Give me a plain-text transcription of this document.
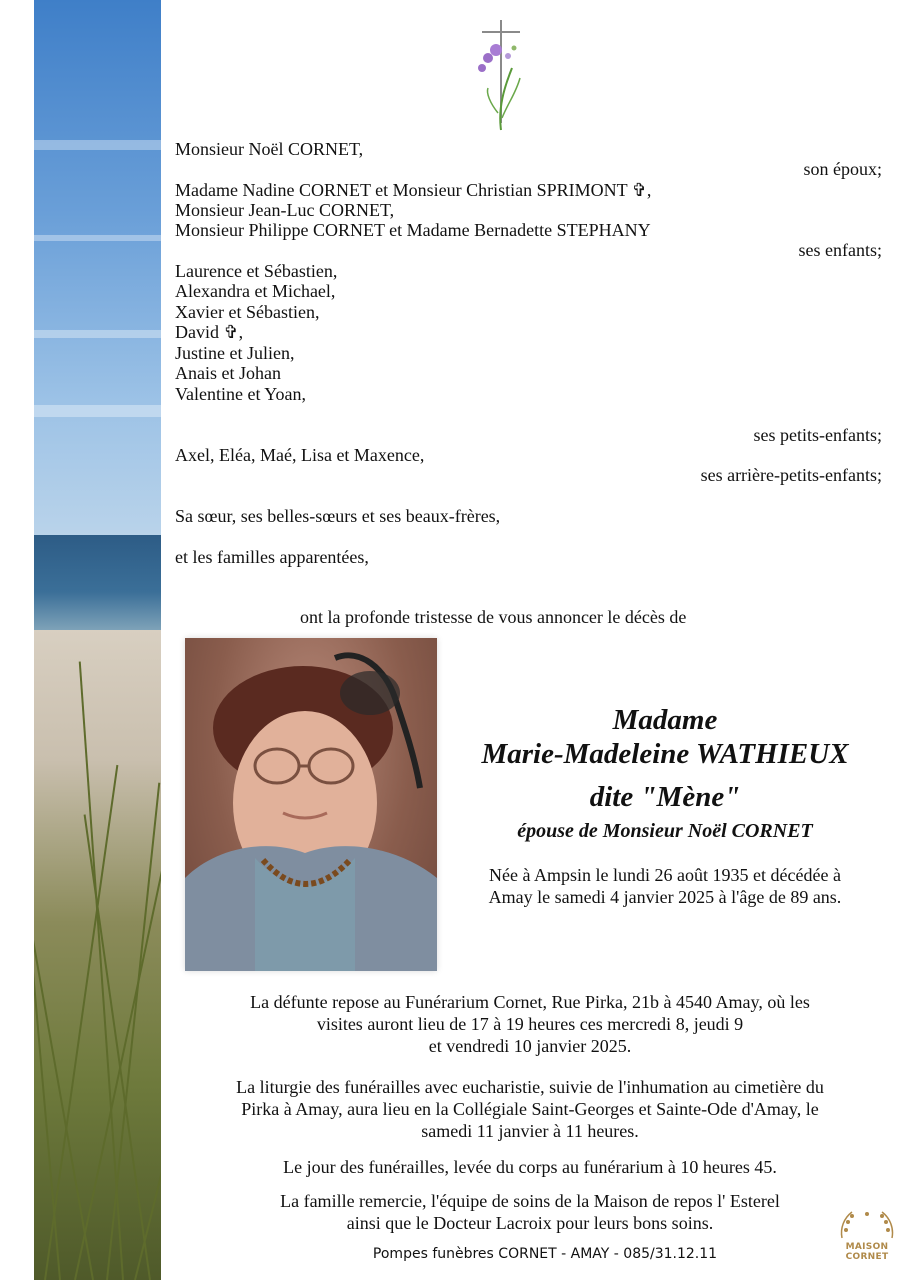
Monsieur Noël CORNET,
son époux;
Madame Nadine CORNET et Monsieur Christian SPRIMONT ✞,
Monsieur Jean-Luc CORNET,
Monsieur Philippe CORNET et Madame Bernadette STEPHANY
ses enfants;
Laurence et Sébastien,
Alexandra et Michael,
Xavier et Sébastien,
David ✞,
Justine et Julien,
Anais et Johan
Valentine et Yoan,
ses petits-enfants;
Axel, Eléa, Maé, Lisa et Maxence,
ses arrière-petits-enfants;
Sa sœur, ses belles-sœurs et ses beaux-frères,
et les familles apparentées,
ont la profonde tristesse de vous annoncer le décès de
Madame
Marie-Madeleine WATHIEUX
dite "Mène"
épouse de Monsieur Noël CORNET
Née à Ampsin le lundi 26 août 1935 et décédée à
Amay le samedi 4 janvier 2025 à l'âge de 89 ans.
La défunte repose au Funérarium Cornet, Rue Pirka, 21b à 4540 Amay, où les
visites auront lieu de 17 à 19 heures ces mercredi 8, jeudi 9
et vendredi 10 janvier 2025.
La liturgie des funérailles avec eucharistie, suivie de l'inhumation au cimetière du
Pirka à Amay, aura lieu en la Collégiale Saint-Georges et Sainte-Ode d'Amay, le
samedi 11 janvier à 11 heures.
Le jour des funérailles, levée du corps au funérarium à 10 heures 45.
La famille remercie, l'équipe de soins de la Maison de repos l' Esterel
ainsi que le Docteur Lacroix pour leurs bons soins.
Pompes funèbres CORNET - AMAY - 085/31.12.11	MAISON CORNET
